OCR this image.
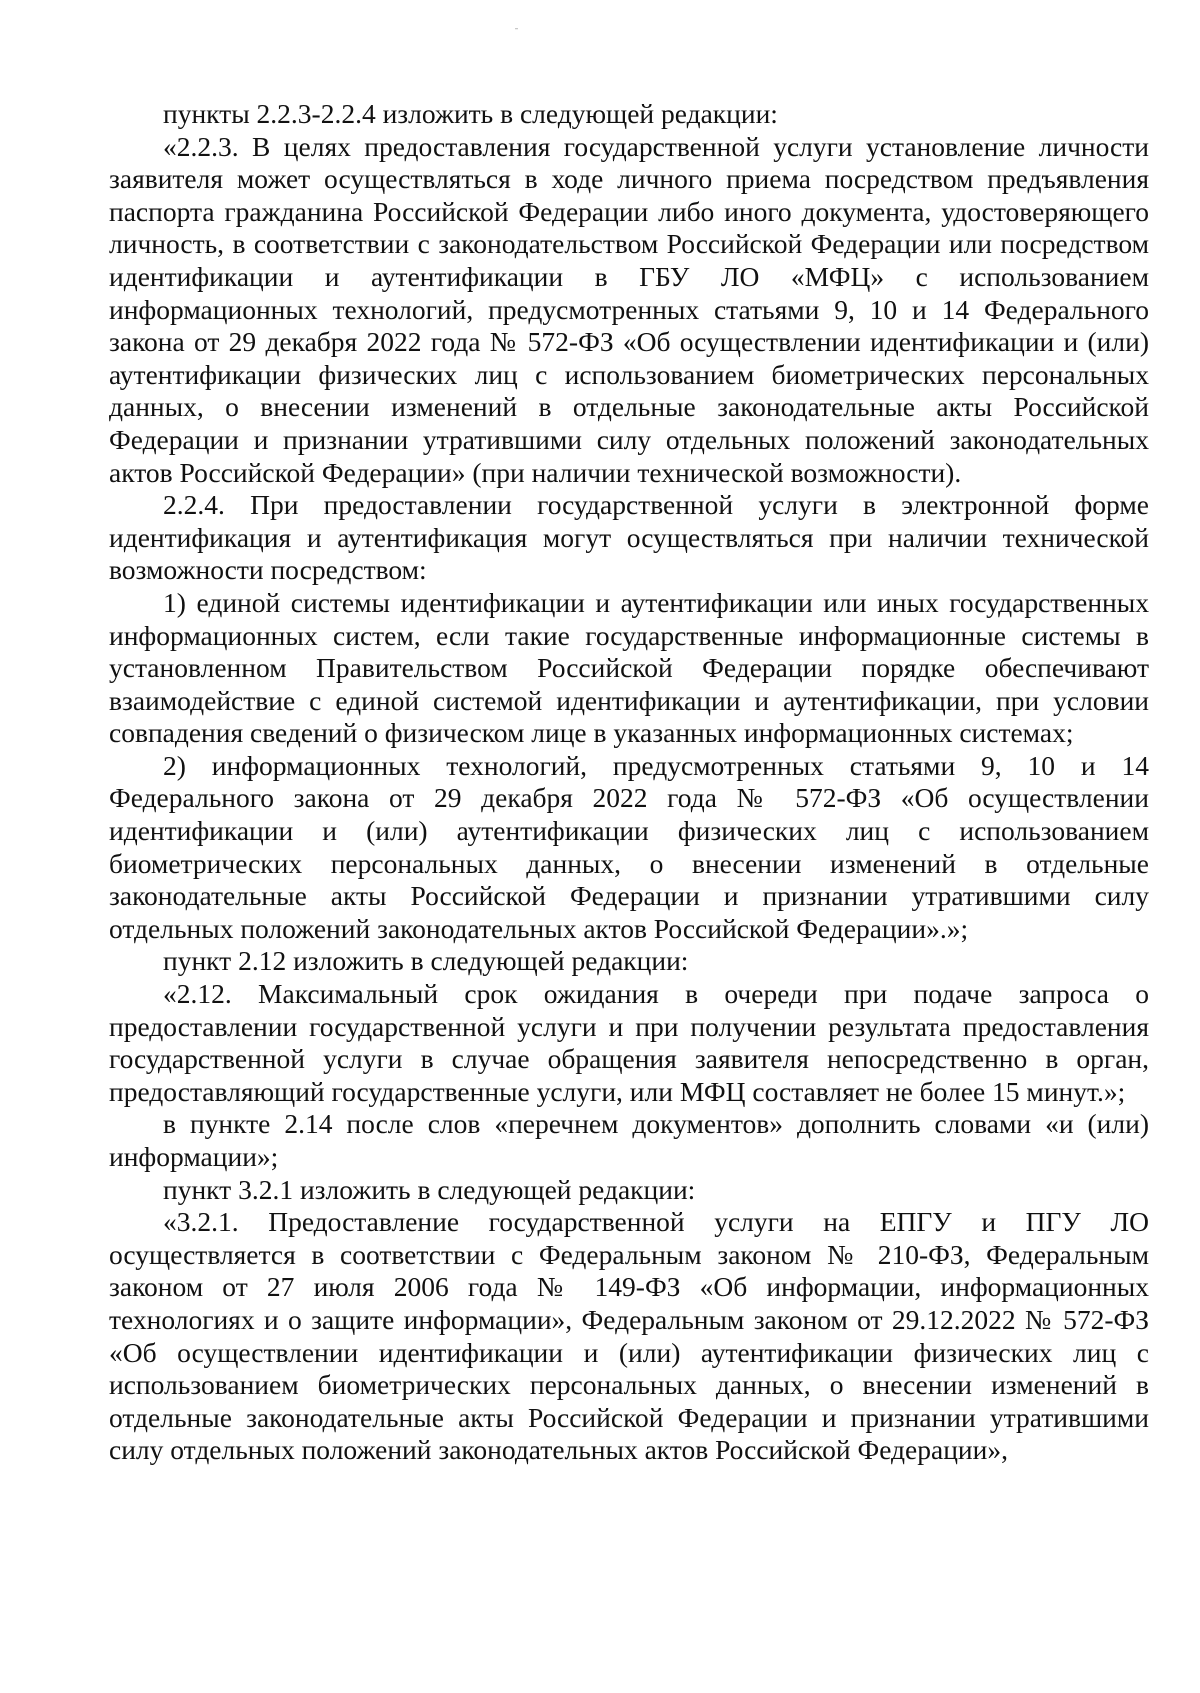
ˉ

пункты 2.2.3-2.2.4 изложить в следующей редакции:

«2.2.3. В целях предоставления государственной услуги установление личности заявителя может осуществляться в ходе личного приема посредством предъявления паспорта гражданина Российской Федерации либо иного документа, удостоверяющего личность, в соответствии с законодательством Российской Федерации или посредством идентификации и аутентификации в ГБУ ЛО «МФЦ» с использованием информационных технологий, предусмотренных статьями 9, 10 и 14 Федерального закона от 29 декабря 2022 года № 572-ФЗ «Об осуществлении идентификации и (или) аутентификации физических лиц с использованием биометрических персональных данных, о внесении изменений в отдельные законодательные акты Российской Федерации и признании утратившими силу отдельных положений законодательных актов Российской Федерации» (при наличии технической возможности).

2.2.4. При предоставлении государственной услуги в электронной форме идентификация и аутентификация могут осуществляться при наличии технической возможности посредством:

1) единой системы идентификации и аутентификации или иных государственных информационных систем, если такие государственные информационные системы в установленном Правительством Российской Федерации порядке обеспечивают взаимодействие с единой системой идентификации и аутентификации, при условии совпадения сведений о физическом лице в указанных информационных системах;

2) информационных технологий, предусмотренных статьями 9, 10 и 14 Федерального закона от 29 декабря 2022 года № 572-ФЗ «Об осуществлении идентификации и (или) аутентификации физических лиц с использованием биометрических персональных данных, о внесении изменений в отдельные законодательные акты Российской Федерации и признании утратившими силу отдельных положений законодательных актов Российской Федерации».»;

пункт 2.12 изложить в следующей редакции:

«2.12. Максимальный срок ожидания в очереди при подаче запроса о предоставлении государственной услуги и при получении результата предоставления государственной услуги в случае обращения заявителя непосредственно в орган, предоставляющий государственные услуги, или МФЦ составляет не более 15 минут.»;

в пункте 2.14 после слов «перечнем документов» дополнить словами «и (или) информации»;

пункт 3.2.1 изложить в следующей редакции:

«3.2.1. Предоставление государственной услуги на ЕПГУ и ПГУ ЛО осуществляется в соответствии с Федеральным законом № 210-ФЗ, Федеральным законом от 27 июля 2006 года № 149-ФЗ «Об информации, информационных технологиях и о защите информации», Федеральным законом от 29.12.2022 № 572-ФЗ «Об осуществлении идентификации и (или) аутентификации физических лиц с использованием биометрических персональных данных, о внесении изменений в отдельные законодательные акты Российской Федерации и признании утратившими силу отдельных положений законодательных актов Российской Федерации»,
